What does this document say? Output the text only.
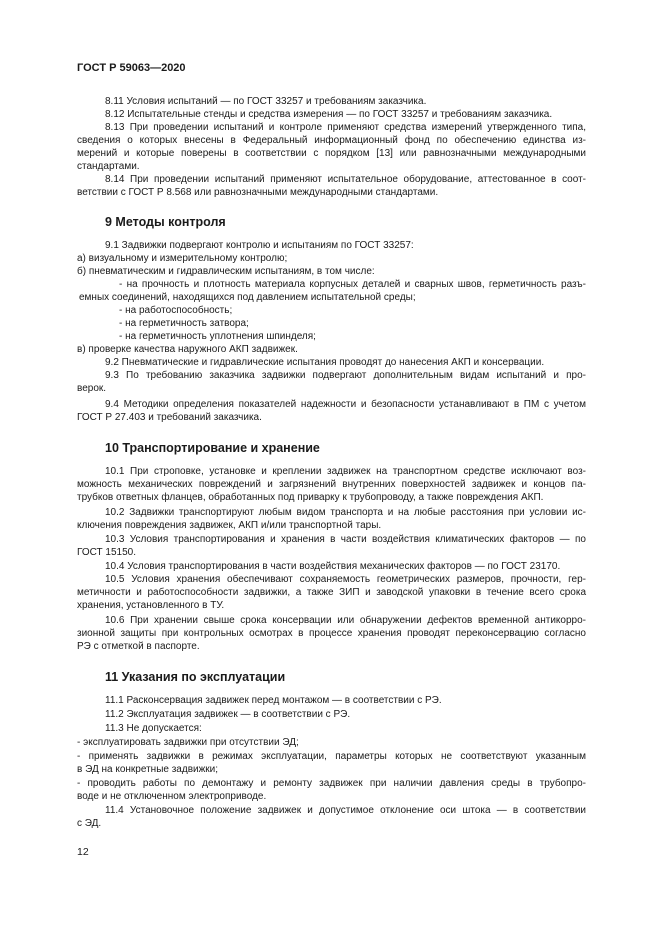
ГОСТ Р 59063—2020

8.11 Условия испытаний — по ГОСТ 33257 и требованиям заказчика.

8.12 Испытательные стенды и средства измерения — по ГОСТ 33257 и требованиям заказчика.

8.13 При проведении испытаний и контроле применяют средства измерений утвержденного типа,

сведения о которых внесены в Федеральный информационный фонд по обеспечению единства из-

мерений и которые поверены в соответствии с порядком [13] или равнозначными международными

стандартами.

8.14 При проведении испытаний применяют испытательное оборудование, аттестованное в соот-

ветствии с ГОСТ Р 8.568 или равнозначными международными стандартами.

9 Методы контроля

9.1 Задвижки подвергают контролю и испытаниям по ГОСТ 33257:

а) визуальному и измерительному контролю;

б) пневматическим и гидравлическим испытаниям, в том числе:

- на прочность и плотность материала корпусных деталей и сварных швов, герметичность разъ-

емных соединений, находящихся под давлением испытательной среды;

- на работоспособность;

- на герметичность затвора;

- на герметичность уплотнения шпинделя;

в) проверке качества наружного АКП задвижек.

9.2 Пневматические и гидравлические испытания проводят до нанесения АКП и консервации.

9.3 По требованию заказчика задвижки подвергают дополнительным видам испытаний и про-

верок.

9.4 Методики определения показателей надежности и безопасности устанавливают в ПМ с учетом

ГОСТ Р 27.403 и требований заказчика.

10 Транспортирование и хранение

10.1 При строповке, установке и креплении задвижек на транспортном средстве исключают воз-

можность механических повреждений и загрязнений внутренних поверхностей задвижек и концов па-

трубков ответных фланцев, обработанных под приварку к трубопроводу, а также повреждения АКП.

10.2 Задвижки транспортируют любым видом транспорта и на любые расстояния при условии ис-

ключения повреждения задвижек, АКП и/или транспортной тары.

10.3 Условия транспортирования и хранения в части воздействия климатических факторов — по

ГОСТ 15150.

10.4 Условия транспортирования в части воздействия механических факторов — по ГОСТ 23170.

10.5 Условия хранения обеспечивают сохраняемость геометрических размеров, прочности, гер-

метичности и работоспособности задвижки, а также ЗИП и заводской упаковки в течение всего срока

хранения, установленного в ТУ.

10.6 При хранении свыше срока консервации или обнаружении дефектов временной антикорро-

зионной защиты при контрольных осмотрах в процессе хранения проводят переконсервацию согласно

РЭ с отметкой в паспорте.

11 Указания по эксплуатации

11.1 Расконсервация задвижек перед монтажом — в соответствии с РЭ.

11.2 Эксплуатация задвижек — в соответствии с РЭ.

11.3 Не допускается:

- эксплуатировать задвижки при отсутствии ЭД;

- применять задвижки в режимах эксплуатации, параметры которых не соответствуют указанным

в ЭД на конкретные задвижки;

- проводить работы по демонтажу и ремонту задвижек при наличии давления среды в трубопро-

воде и не отключенном электроприводе.

11.4 Установочное положение задвижек и допустимое отклонение оси штока — в соответствии

с ЭД.

12
